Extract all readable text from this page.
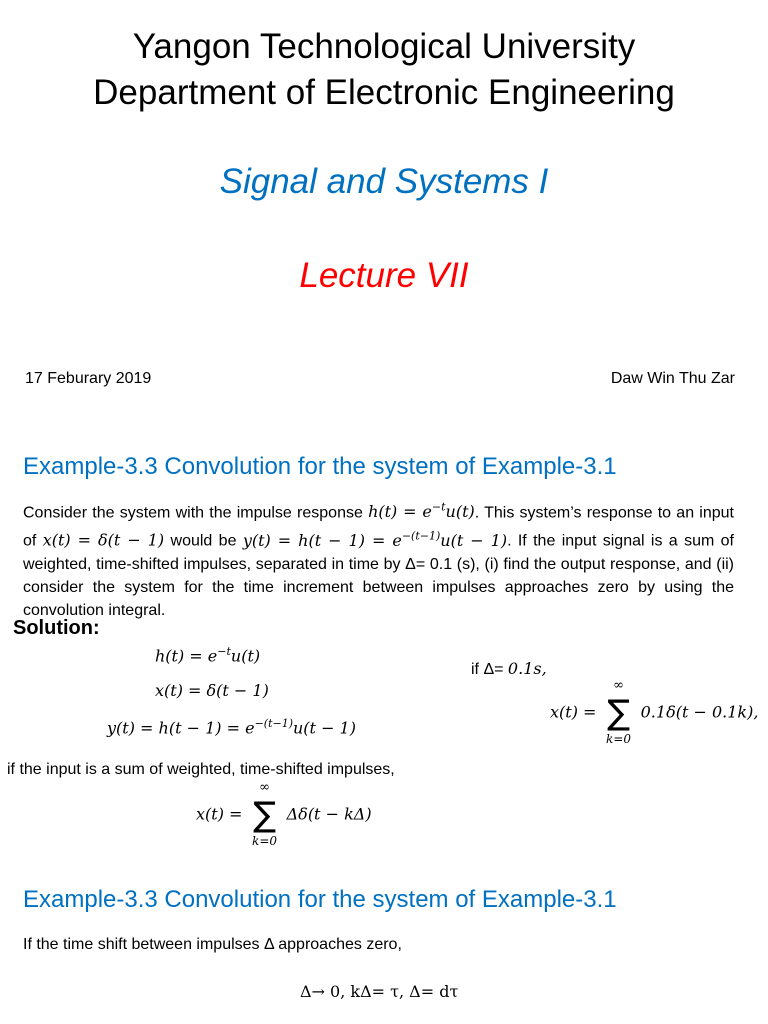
Yangon Technological University
Department of Electronic Engineering
Signal and Systems I
Lecture VII
17 Feburary 2019	Daw Win Thu Zar
Example-3.3 Convolution for the system of Example-3.1
Consider the system with the impulse response $h(t) = e^{-t}u(t)$. This system’s response to an input of x(t) = δ(t − 1) would be $y(t) = h(t - 1) = e^{-(t-1)}u(t - 1)$. If the input signal is a sum of weighted, time-shifted impulses, separated in time by Δ= 0.1 (s), (i) find the output response, and (ii) consider the system for the time increment between impulses approaches zero by using the convolution integral.
Solution:
$h(t) = e^{-t}u(t)$
x(t) = δ(t − 1)
$y(t) = h(t - 1) = e^{-(t-1)}u(t - 1)$
if Δ= 0.1s,
x(t) =
∞
∑
k=0
0.1δ(t − 0.1k),
if the input is a sum of weighted, time-shifted impulses,
x(t) =
∞
∑
k=0
Δδ(t − kΔ)
Example-3.3 Convolution for the system of Example-3.1
If the time shift between impulses Δ approaches zero,
Δ→ 0, kΔ= τ, Δ= dτ
